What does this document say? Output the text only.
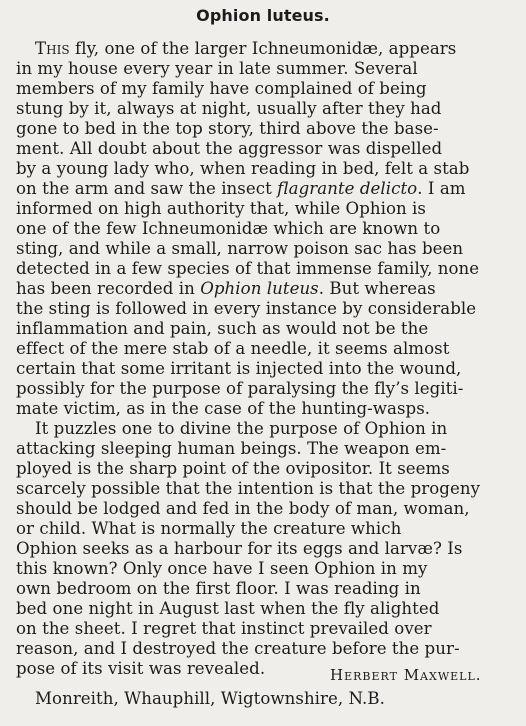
Ophion luteus.
This fly, one of the larger Ichneumonidæ, appears
in my house every year in late summer. Several
members of my family have complained of being
stung by it, always at night, usually after they had
gone to bed in the top story, third above the base-
ment. All doubt about the aggressor was dispelled
by a young lady who, when reading in bed, felt a stab
on the arm and saw the insect flagrante delicto. I am
informed on high authority that, while Ophion is
one of the few Ichneumonidæ which are known to
sting, and while a small, narrow poison sac has been
detected in a few species of that immense family, none
has been recorded in Ophion luteus. But whereas
the sting is followed in every instance by considerable
inflammation and pain, such as would not be the
effect of the mere stab of a needle, it seems almost
certain that some irritant is injected into the wound,
possibly for the purpose of paralysing the fly’s legiti-
mate victim, as in the case of the hunting-wasps.
It puzzles one to divine the purpose of Ophion in
attacking sleeping human beings. The weapon em-
ployed is the sharp point of the ovipositor. It seems
scarcely possible that the intention is that the progeny
should be lodged and fed in the body of man, woman,
or child. What is normally the creature which
Ophion seeks as a harbour for its eggs and larvæ? Is
this known? Only once have I seen Ophion in my
own bedroom on the first floor. I was reading in
bed one night in August last when the fly alighted
on the sheet. I regret that instinct prevailed over
reason, and I destroyed the creature before the pur-
pose of its visit was revealed.	Herbert Maxwell.
Monreith, Whauphill, Wigtownshire, N.B.
